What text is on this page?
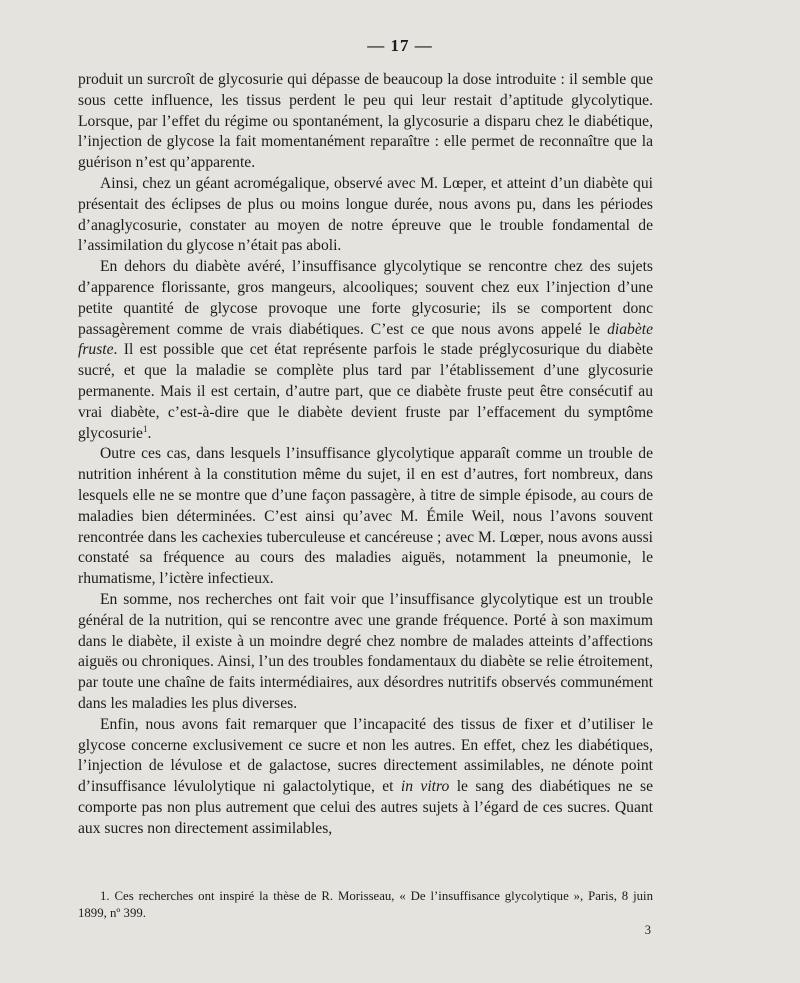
— 17 —

produit un surcroît de glycosurie qui dépasse de beaucoup la dose introduite : il semble que sous cette influence, les tissus perdent le peu qui leur restait d’aptitude glycolytique. Lorsque, par l’effet du régime ou spontanément, la glycosurie a disparu chez le diabétique, l’injection de glycose la fait momentanément reparaître : elle permet de reconnaître que la guérison n’est qu’apparente.

Ainsi, chez un géant acromégalique, observé avec M. Lœper, et atteint d’un diabète qui présentait des éclipses de plus ou moins longue durée, nous avons pu, dans les périodes d’anaglycosurie, constater au moyen de notre épreuve que le trouble fondamental de l’assimilation du glycose n’était pas aboli.

En dehors du diabète avéré, l’insuffisance glycolytique se rencontre chez des sujets d’apparence florissante, gros mangeurs, alcooliques; souvent chez eux l’injection d’une petite quantité de glycose provoque une forte glycosurie; ils se comportent donc passagèrement comme de vrais diabétiques. C’est ce que nous avons appelé le diabète fruste. Il est possible que cet état représente parfois le stade préglycosurique du diabète sucré, et que la maladie se complète plus tard par l’établissement d’une glycosurie permanente. Mais il est certain, d’autre part, que ce diabète fruste peut être consécutif au vrai diabète, c’est-à-dire que le diabète devient fruste par l’effacement du symptôme glycosurie$^1$.

Outre ces cas, dans lesquels l’insuffisance glycolytique apparaît comme un trouble de nutrition inhérent à la constitution même du sujet, il en est d’autres, fort nombreux, dans lesquels elle ne se montre que d’une façon passagère, à titre de simple épisode, au cours de maladies bien déterminées. C’est ainsi qu’avec M. Émile Weil, nous l’avons souvent rencontrée dans les cachexies tuberculeuse et cancéreuse ; avec M. Lœper, nous avons aussi constaté sa fréquence au cours des maladies aiguës, notamment la pneumonie, le rhumatisme, l’ictère infectieux.

En somme, nos recherches ont fait voir que l’insuffisance glycolytique est un trouble général de la nutrition, qui se rencontre avec une grande fréquence. Porté à son maximum dans le diabète, il existe à un moindre degré chez nombre de malades atteints d’affections aiguës ou chroniques. Ainsi, l’un des troubles fondamentaux du diabète se relie étroitement, par toute une chaîne de faits intermédiaires, aux désordres nutritifs observés communément dans les maladies les plus diverses.

Enfin, nous avons fait remarquer que l’incapacité des tissus de fixer et d’utiliser le glycose concerne exclusivement ce sucre et non les autres. En effet, chez les diabétiques, l’injection de lévulose et de galactose, sucres directement assimilables, ne dénote point d’insuffisance lévulolytique ni galactolytique, et in vitro le sang des diabétiques ne se comporte pas non plus autrement que celui des autres sujets à l’égard de ces sucres. Quant aux sucres non directement assimilables,

1. Ces recherches ont inspiré la thèse de R. Morisseau, « De l’insuffisance glycolytique », Paris, 8 juin 1899, nº 399.

3
